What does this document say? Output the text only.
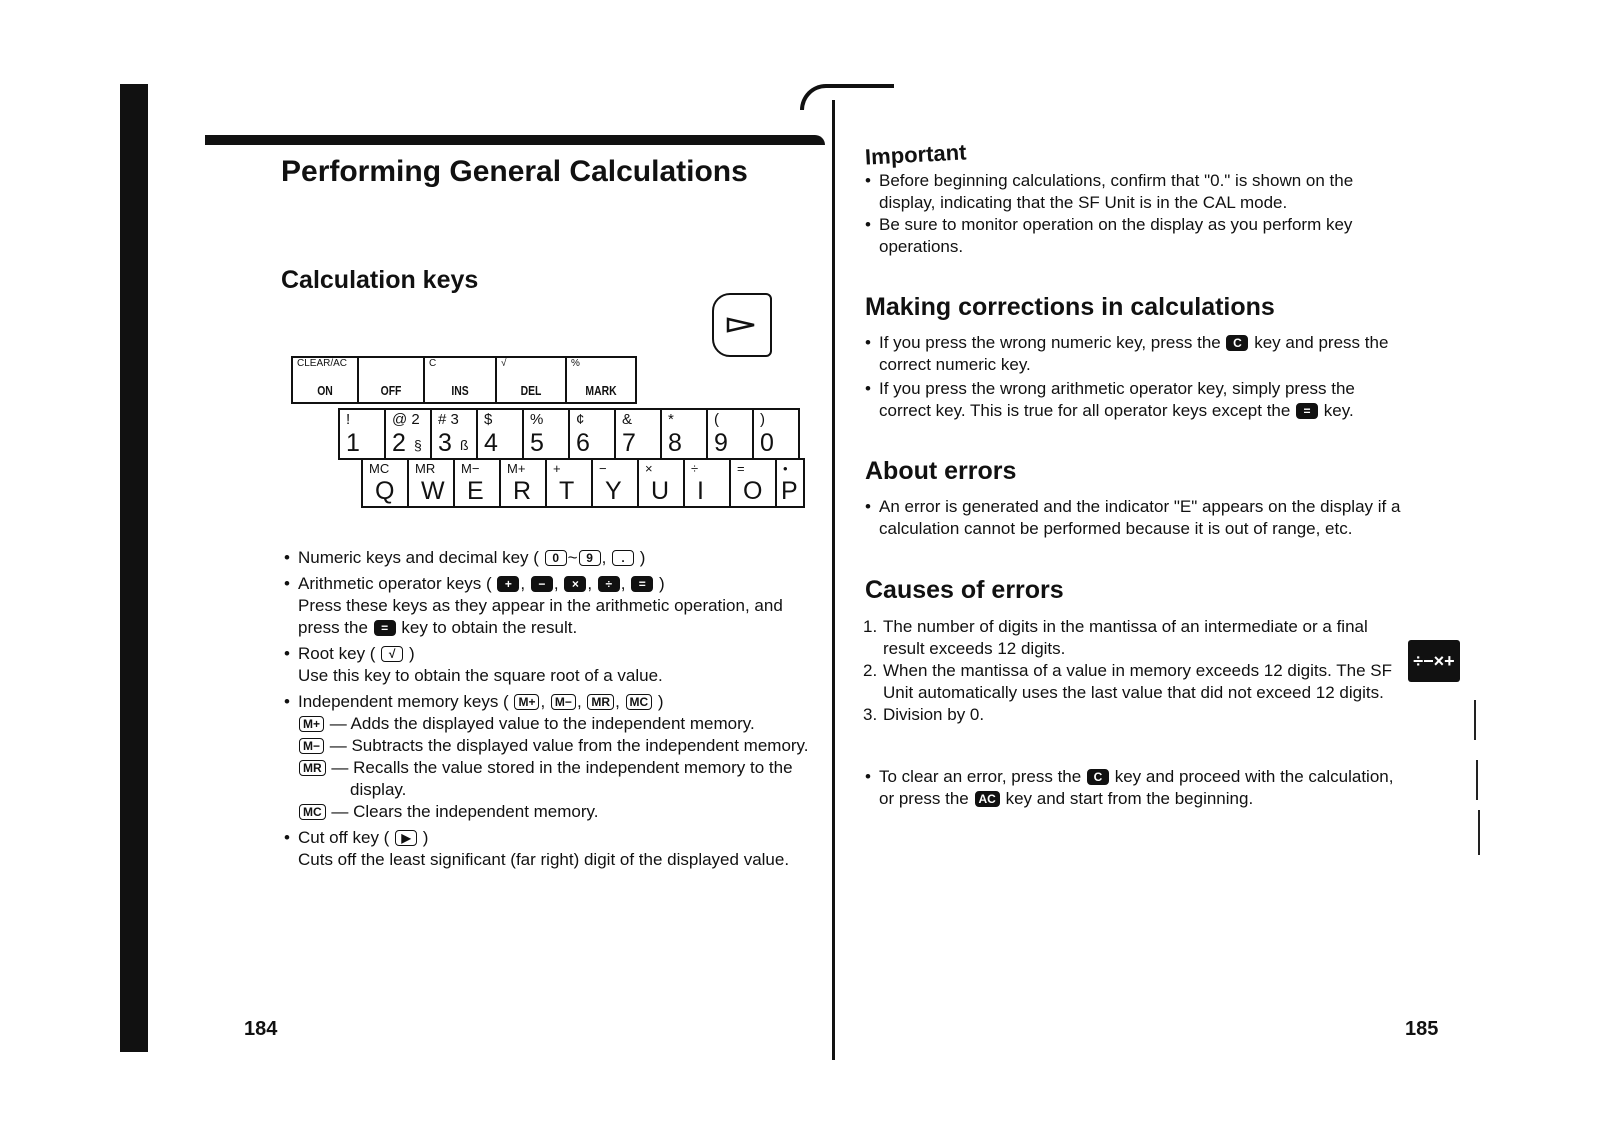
Performing General Calculations
Calculation keys
CLEAR/AC
ON	OFF
C
INS
√
DEL
%
MARK
!
1
@ 2
2 §
# 3
3 ß
$
4
%
5
¢
6
&
7
*
8
(
9
)
0
MC
Q
MR
W
M−
E
M+
R
+
T
−
Y
×
U
÷
I
=
O
•
P
• Numeric keys and decimal key ( 0 ~ 9 , . )
• Arithmetic operator keys ( + , − , × , ÷ , = )
Press these keys as they appear in the arithmetic operation, and
press the = key to obtain the result.
• Root key ( √ )
Use this key to obtain the square root of a value.
• Independent memory keys ( M+ , M− , MR , MC )
M+ — Adds the displayed value to the independent memory.
M− — Subtracts the displayed value from the independent memory.
MR — Recalls the value stored in the independent memory to the
display.
MC — Clears the independent memory.
• Cut off key ( ▶ )
Cuts off the least significant (far right) digit of the displayed value.
184
Important
• Before beginning calculations, confirm that "0." is shown on the display, indicating that the SF Unit is in the CAL mode.
• Be sure to monitor operation on the display as you perform key operations.
Making corrections in calculations
• If you press the wrong numeric key, press the C key and press the correct numeric key.
• If you press the wrong arithmetic operator key, simply press the correct key. This is true for all operator keys except the = key.
About errors
• An error is generated and the indicator "E" appears on the display if a calculation cannot be performed because it is out of range, etc.
Causes of errors
1. The number of digits in the mantissa of an intermediate or a final result exceeds 12 digits.
2. When the mantissa of a value in memory exceeds 12 digits. The SF Unit automatically uses the last value that did not exceed 12 digits.
3. Division by 0.
• To clear an error, press the C key and proceed with the calculation, or press the AC key and start from the beginning.
÷−×+
185
